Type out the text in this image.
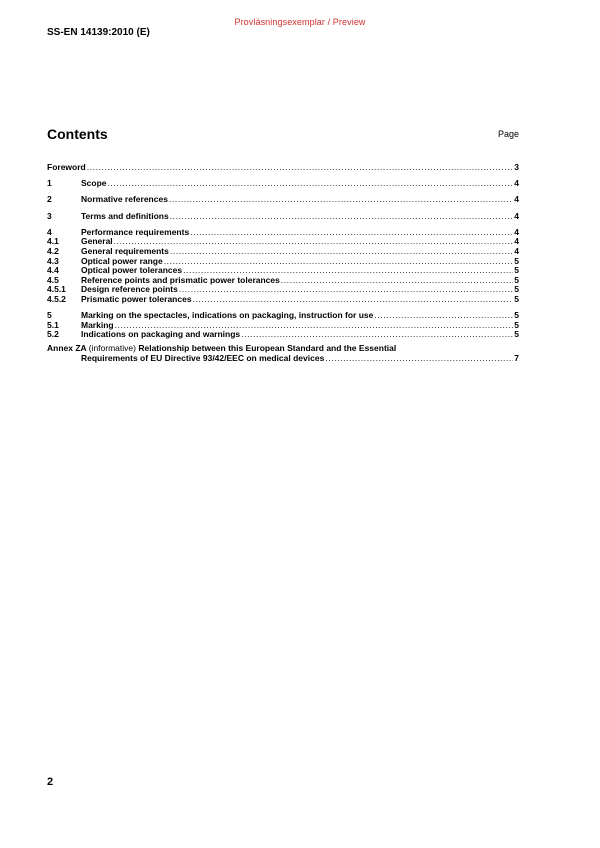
Provläsningsexemplar / Preview
SS-EN 14139:2010 (E)
Contents	Page
Foreword .....	3
1	Scope .....	4
2	Normative references .....	4
3	Terms and definitions .....	4
4	Performance requirements .....	4
4.1	General .....	4
4.2	General requirements .....	4
4.3	Optical power range .....	5
4.4	Optical power tolerances .....	5
4.5	Reference points and prismatic power tolerances .....	5
4.5.1	Design reference points .....	5
4.5.2	Prismatic power tolerances .....	5
5	Marking on the spectacles, indications on packaging, instruction for use .....	5
5.1	Marking .....	5
5.2	Indications on packaging and warnings .....	5
Annex ZA (informative) Relationship between this European Standard and the Essential
Requirements of EU Directive 93/42/EEC on medical devices .....	7
2
